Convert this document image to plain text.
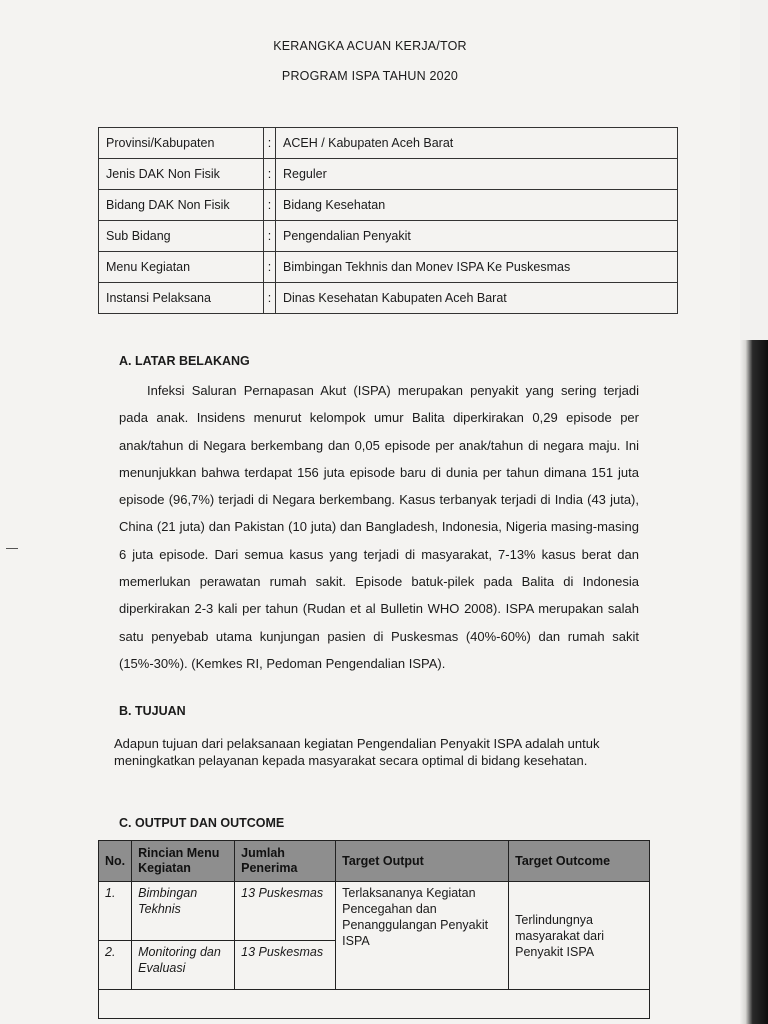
KERANGKA ACUAN KERJA/TOR
PROGRAM ISPA TAHUN 2020
Provinsi/Kabupaten	:	ACEH / Kabupaten Aceh Barat
Jenis DAK Non Fisik	:	Reguler
Bidang DAK Non Fisik	:	Bidang Kesehatan
Sub Bidang	:	Pengendalian Penyakit
Menu Kegiatan	:	Bimbingan Tekhnis dan Monev ISPA Ke Puskesmas
Instansi Pelaksana	:	Dinas Kesehatan Kabupaten Aceh Barat
A. LATAR BELAKANG
Infeksi Saluran Pernapasan Akut (ISPA) merupakan penyakit yang sering terjadi pada anak. Insidens menurut kelompok umur Balita diperkirakan 0,29 episode per anak/tahun di Negara berkembang dan 0,05 episode per anak/tahun di negara maju. Ini menunjukkan bahwa terdapat 156 juta episode baru di dunia per tahun dimana 151 juta episode (96,7%) terjadi di Negara berkembang. Kasus terbanyak terjadi di India (43 juta), China (21 juta) dan Pakistan (10 juta) dan Bangladesh, Indonesia, Nigeria masing-masing 6 juta episode. Dari semua kasus yang terjadi di masyarakat, 7-13% kasus berat dan memerlukan perawatan rumah sakit. Episode batuk-pilek pada Balita di Indonesia diperkirakan 2-3 kali per tahun (Rudan et al Bulletin WHO 2008). ISPA merupakan salah satu penyebab utama kunjungan pasien di Puskesmas (40%-60%) dan rumah sakit (15%-30%). (Kemkes RI, Pedoman Pengendalian ISPA).
B. TUJUAN
Adapun tujuan dari pelaksanaan kegiatan Pengendalian Penyakit ISPA adalah untuk meningkatkan pelayanan kepada masyarakat secara optimal di bidang kesehatan.
C. OUTPUT DAN OUTCOME
No.	Rincian Menu Kegiatan	Jumlah Penerima	Target Output	Target Outcome
1.	Bimbingan Tekhnis	13 Puskesmas	Terlaksananya Kegiatan Pencegahan dan Penanggulangan Penyakit ISPA	Terlindungnya masyarakat dari Penyakit ISPA
2.	Monitoring dan Evaluasi	13 Puskesmas		
